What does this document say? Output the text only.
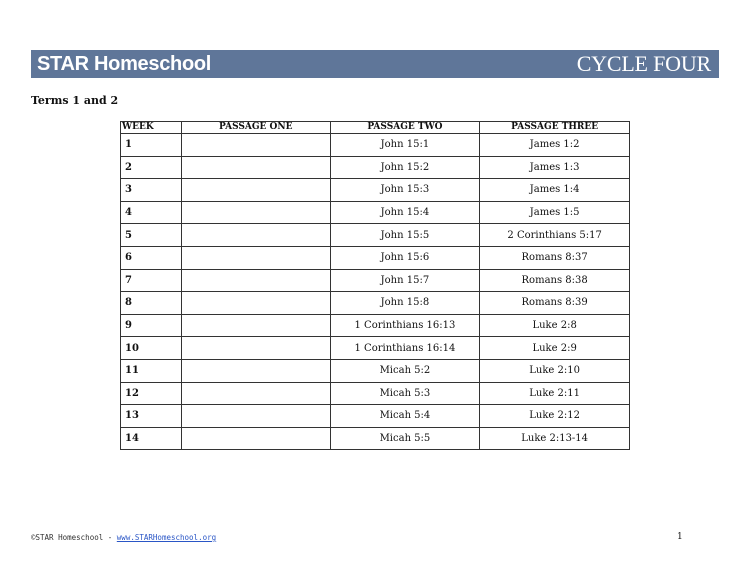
STAR Homeschool	CYCLE FOUR
Terms 1 and 2
WEEK	PASSAGE ONE	PASSAGE TWO	PASSAGE THREE
1		John 15:1	James 1:2
2		John 15:2	James 1:3
3		John 15:3	James 1:4
4		John 15:4	James 1:5
5		John 15:5	2 Corinthians 5:17
6		John 15:6	Romans 8:37
7		John 15:7	Romans 8:38
8		John 15:8	Romans 8:39
9		1 Corinthians 16:13	Luke 2:8
10		1 Corinthians 16:14	Luke 2:9
11		Micah 5:2	Luke 2:10
12		Micah 5:3	Luke 2:11
13		Micah 5:4	Luke 2:12
14		Micah 5:5	Luke 2:13-14
©STAR Homeschool - www.STARHomeschool.org	1
